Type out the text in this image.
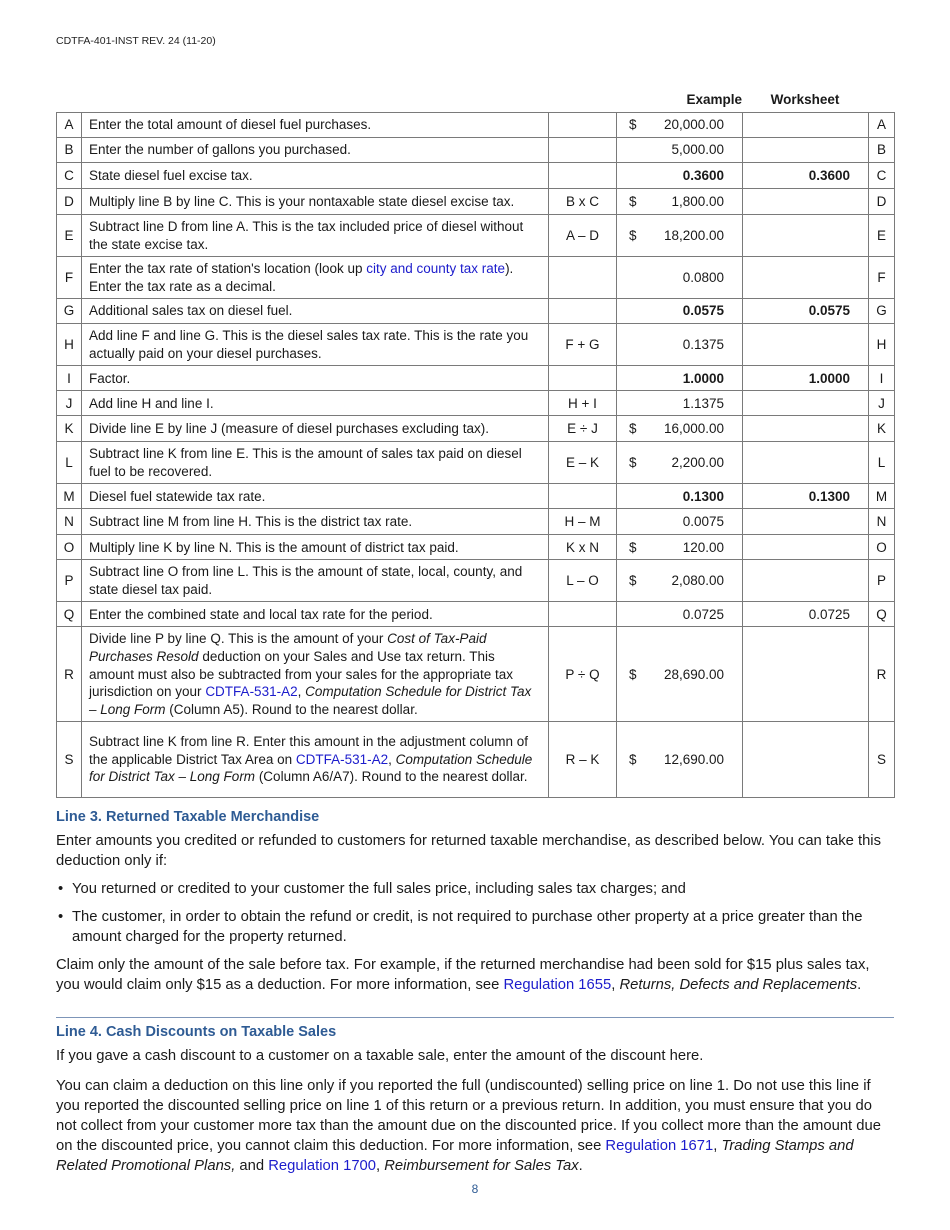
CDTFA-401-INST REV. 24 (11-20)
Example	Worksheet
A	Enter the total amount of diesel fuel purchases.		$ 20,000.00		A
B	Enter the number of gallons you purchased.		5,000.00		B
C	State diesel fuel excise tax.		0.3600	0.3600	C
D	Multiply line B by line C. This is your nontaxable state diesel excise tax.	B x C	$ 1,800.00		D
E	Subtract line D from line A. This is the tax included price of diesel without the state excise tax.	A – D	$ 18,200.00		E
F	Enter the tax rate of station's location (look up city and county tax rate). Enter the tax rate as a decimal.		0.0800		F
G	Additional sales tax on diesel fuel.		0.0575	0.0575	G
H	Add line F and line G. This is the diesel sales tax rate. This is the rate you actually paid on your diesel purchases.	F + G	0.1375		H
I	Factor.		1.0000	1.0000	I
J	Add line H and line I.	H + I	1.1375		J
K	Divide line E by line J (measure of diesel purchases excluding tax).	E ÷ J	$ 16,000.00		K
L	Subtract line K from line E. This is the amount of sales tax paid on diesel fuel to be recovered.	E – K	$ 2,200.00		L
M	Diesel fuel statewide tax rate.		0.1300	0.1300	M
N	Subtract line M from line H. This is the district tax rate.	H – M	0.0075		N
O	Multiply line K by line N. This is the amount of district tax paid.	K x N	$ 120.00		O
P	Subtract line O from line L. This is the amount of state, local, county, and state diesel tax paid.	L – O	$ 2,080.00		P
Q	Enter the combined state and local tax rate for the period.		0.0725	0.0725	Q
R	Divide line P by line Q. This is the amount of your Cost of Tax-Paid Purchases Resold deduction on your Sales and Use tax return. This amount must also be subtracted from your sales for the appropriate tax jurisdiction on your CDTFA-531-A2, Computation Schedule for District Tax – Long Form (Column A5). Round to the nearest dollar.	P ÷ Q	$ 28,690.00		R
S	Subtract line K from line R. Enter this amount in the adjustment column of the applicable District Tax Area on CDTFA-531-A2, Computation Schedule for District Tax – Long Form (Column A6/A7). Round to the nearest dollar.	R – K	$ 12,690.00		S
Line 3. Returned Taxable Merchandise

Enter amounts you credited or refunded to customers for returned taxable merchandise, as described below. You can take this deduction only if:

• You returned or credited to your customer the full sales price, including sales tax charges; and
• The customer, in order to obtain the refund or credit, is not required to purchase other property at a price greater than the amount charged for the property returned.

Claim only the amount of the sale before tax. For example, if the returned merchandise had been sold for $15 plus sales tax, you would claim only $15 as a deduction. For more information, see Regulation 1655, Returns, Defects and Replacements.

Line 4. Cash Discounts on Taxable Sales

If you gave a cash discount to a customer on a taxable sale, enter the amount of the discount here.

You can claim a deduction on this line only if you reported the full (undiscounted) selling price on line 1. Do not use this line if you reported the discounted selling price on line 1 of this return or a previous return. In addition, you must ensure that you do not collect from your customer more tax than the amount due on the discounted price. If you collect more than the amount due on the discounted price, you cannot claim this deduction. For more information, see Regulation 1671, Trading Stamps and Related Promotional Plans, and Regulation 1700, Reimbursement for Sales Tax.

8
